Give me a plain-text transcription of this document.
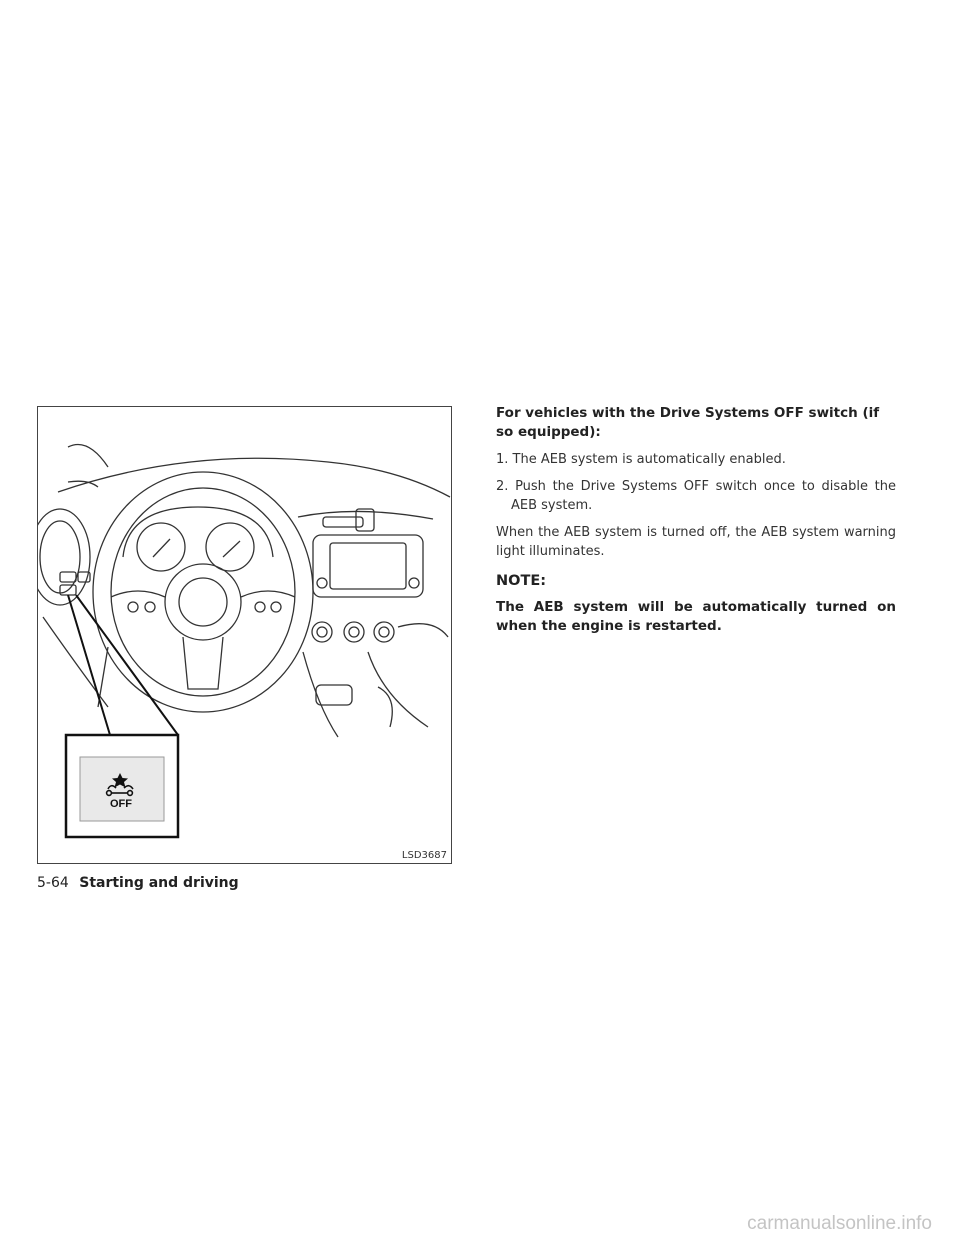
OFF
LSD3687

For vehicles with the Drive Systems OFF switch (if so equipped):

1. The AEB system is automatically enabled.

2. Push the Drive Systems OFF switch once to disable the AEB system.

When the AEB system is turned off, the AEB system warning light illuminates.

NOTE:

The AEB system will be automatically turned on when the engine is restarted.

5-64 Starting and driving
carmanualsonline.info
